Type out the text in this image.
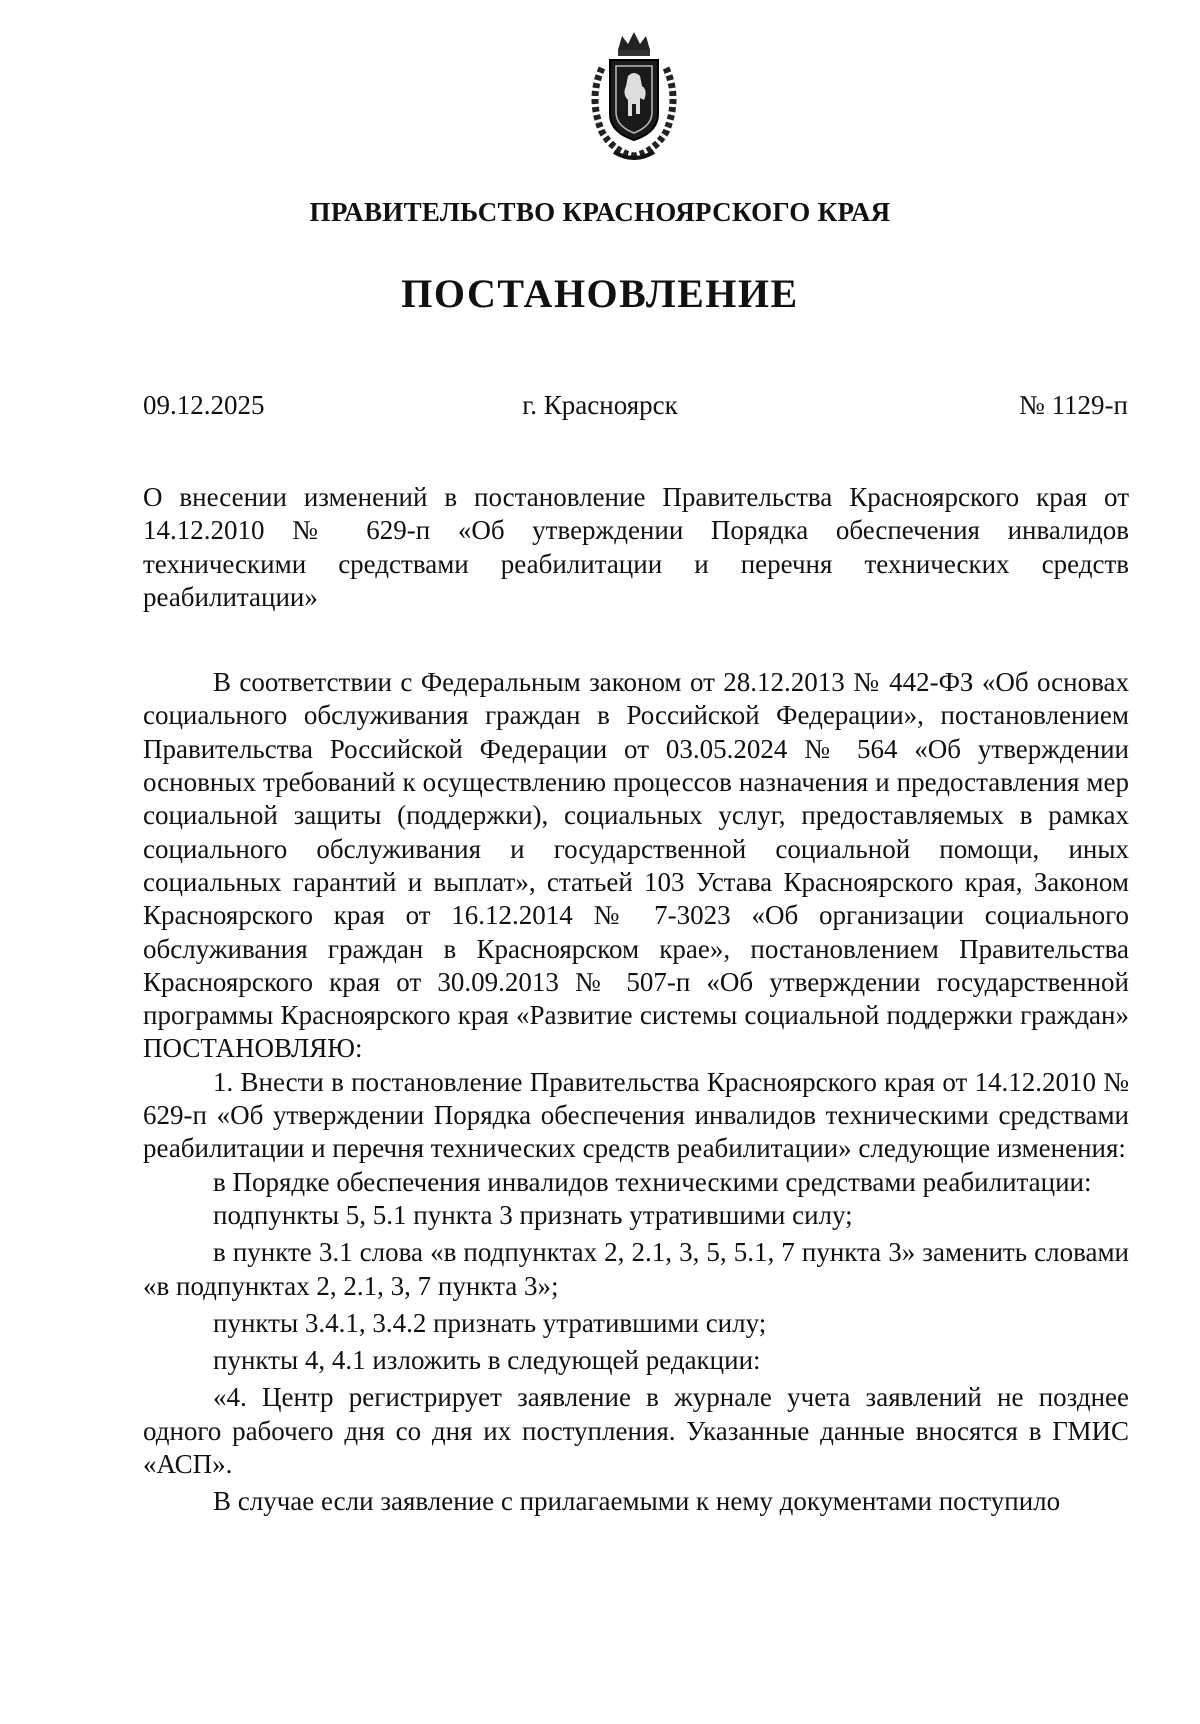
ПРАВИТЕЛЬСТВО КРАСНОЯРСКОГО КРАЯ
ПОСТАНОВЛЕНИЕ
09.12.2025	г. Красноярск	№ 1129-п

О внесении изменений в постановление Правительства Красноярского края от 14.12.2010 № 629-п «Об утверждении Порядка обеспечения инвалидов техническими средствами реабилитации и перечня технических средств реабилитации»

В соответствии с Федеральным законом от 28.12.2013 № 442-ФЗ «Об основах социального обслуживания граждан в Российской Федерации», постановлением Правительства Российской Федерации от 03.05.2024 № 564 «Об утверждении основных требований к осуществлению процессов назначения и предоставления мер социальной защиты (поддержки), социальных услуг, предоставляемых в рамках социального обслуживания и государственной социальной помощи, иных социальных гарантий и выплат», статьей 103 Устава Красноярского края, Законом Красноярского края от 16.12.2014 № 7-3023 «Об организации социального обслуживания граждан в Красноярском крае», постановлением Правительства Красноярского края от 30.09.2013 № 507-п «Об утверждении государственной программы Красноярского края «Развитие системы социальной поддержки граждан» ПОСТАНОВЛЯЮ:

1. Внести в постановление Правительства Красноярского края от 14.12.2010 № 629-п «Об утверждении Порядка обеспечения инвалидов техническими средствами реабилитации и перечня технических средств реабилитации» следующие изменения:

в Порядке обеспечения инвалидов техническими средствами реабилитации:

подпункты 5, 5.1 пункта 3 признать утратившими силу;

в пункте 3.1 слова «в подпунктах 2, 2.1, 3, 5, 5.1, 7 пункта 3» заменить словами «в подпунктах 2, 2.1, 3, 7 пункта 3»;

пункты 3.4.1, 3.4.2 признать утратившими силу;

пункты 4, 4.1 изложить в следующей редакции:

«4. Центр регистрирует заявление в журнале учета заявлений не позднее одного рабочего дня со дня их поступления. Указанные данные вносятся в ГМИС «АСП».

В случае если заявление с прилагаемыми к нему документами поступило
